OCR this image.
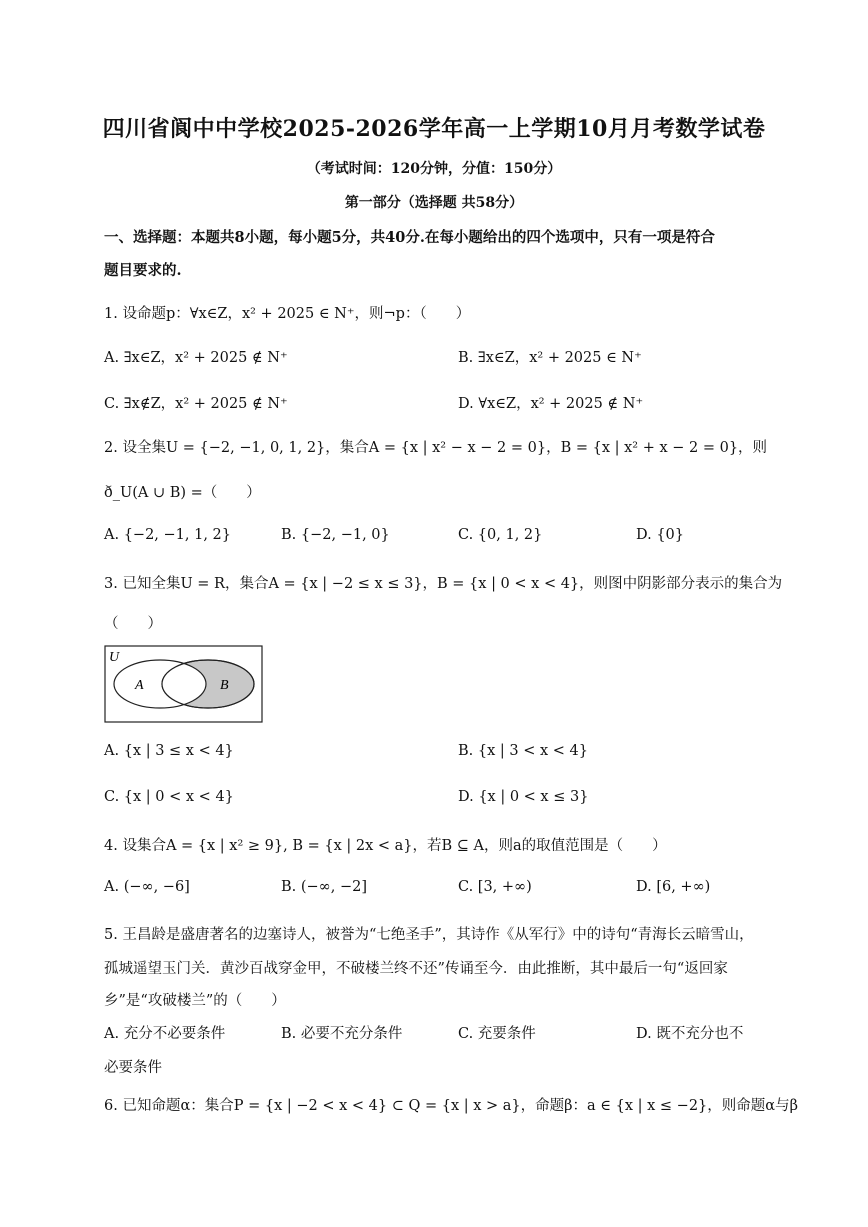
四川省阆中中学校2025-2026学年高一上学期10月月考数学试卷
（考试时间：120分钟，分值：150分）
第一部分（选择题 共58分）
一、选择题：本题共8小题，每小题5分，共40分.在每小题给出的四个选项中，只有一项是符合
题目要求的.
1. 设命题p：∀x∈Z，x² + 2025 ∈ N⁺，则¬p：（　　）
A. ∃x∈Z，x² + 2025 ∉ N⁺	B. ∃x∈Z，x² + 2025 ∈ N⁺
C. ∃x∉Z，x² + 2025 ∉ N⁺	D. ∀x∈Z，x² + 2025 ∉ N⁺
2. 设全集U = {−2, −1, 0, 1, 2}，集合A = {x | x² − x − 2 = 0}，B = {x | x² + x − 2 = 0}，则
ð_U(A ∪ B) =（　　）
A. {−2, −1, 1, 2}	B. {−2, −1, 0}	C. {0, 1, 2}	D. {0}
3. 已知全集U = R，集合A = {x | −2 ≤ x ≤ 3}，B = {x | 0 < x < 4}，则图中阴影部分表示的集合为
（　　）
U
A	B
A. {x | 3 ≤ x < 4}	B. {x | 3 < x < 4}
C. {x | 0 < x < 4}	D. {x | 0 < x ≤ 3}
4. 设集合A = {x | x² ≥ 9}, B = {x | 2x < a}，若B ⊆ A，则a的取值范围是（　　）
A. (−∞, −6]	B. (−∞, −2]	C. [3, +∞)	D. [6, +∞)
5. 王昌龄是盛唐著名的边塞诗人，被誉为“七绝圣手”，其诗作《从军行》中的诗句“青海长云暗雪山，
孤城遥望玉门关．黄沙百战穿金甲，不破楼兰终不还”传诵至今．由此推断，其中最后一句“返回家
乡”是“攻破楼兰”的（　　）
A. 充分不必要条件	B. 必要不充分条件	C. 充要条件	D. 既不充分也不
必要条件
6. 已知命题α：集合P = {x | −2 < x < 4} ⊂ Q = {x | x > a}，命题β：a ∈ {x | x ≤ −2}，则命题α与β
